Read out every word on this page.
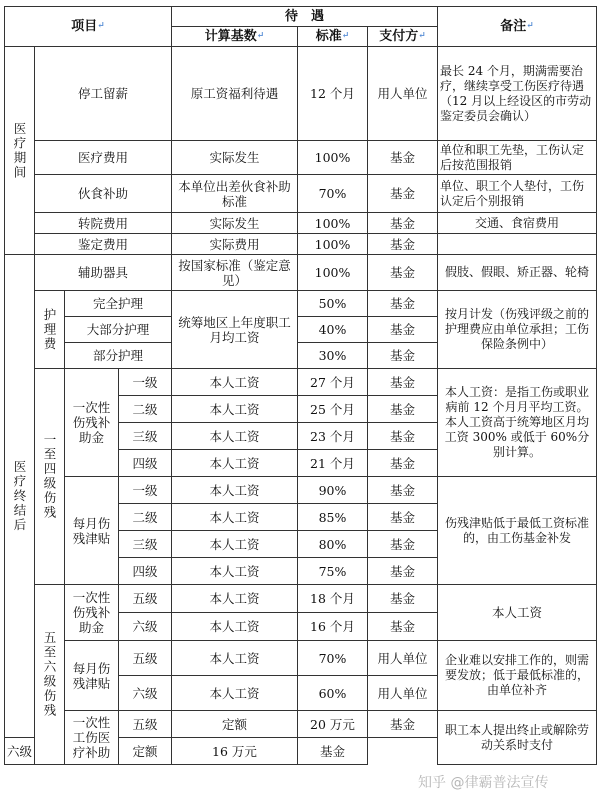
项目↵				待　遇			备注↵
				计算基数↵	标准↵	支付方↵
医疗期间	停工留薪			原工资福利待遇	12 个月	用人单位	最长 24 个月，期满需要治疗，继续享受工伤医疗待遇（12 月以上经设区的市劳动鉴定委员会确认）
	医疗费用			实际发生	100%	基金	单位和职工先垫，工伤认定后按范围报销
	伙食补助			本单位出差伙食补助标准	70%	基金	单位、职工个人垫付，工伤认定后个别报销
	转院费用			实际发生	100%	基金	交通、食宿费用
	鉴定费用			实际费用	100%	基金	
医疗终结后	辅助器具			按国家标准（鉴定意见）	100%	基金	假肢、假眼、矫正器、轮椅
	护理费	完全护理		统筹地区上年度职工月均工资	50%	基金	按月计发（伤残评级之前的护理费应由单位承担；工伤保险条例中）
		大部分护理			40%	基金	
		部分护理			30%	基金	
	一至四级伤残	一次性伤残补助金	一级	本人工资	27 个月	基金	本人工资：是指工伤或职业病前 12 个月月平均工资。本人工资高于统筹地区月均工资 300% 或低于 60%分别计算。
			二级	本人工资	25 个月	基金	
			三级	本人工资	23 个月	基金	
			四级	本人工资	21 个月	基金	
		每月伤残津贴	一级	本人工资	90%	基金	伤残津贴低于最低工资标准的，由工伤基金补发
			二级	本人工资	85%	基金	
			三级	本人工资	80%	基金	
			四级	本人工资	75%	基金	
	五至六级伤残	一次性伤残补助金	五级	本人工资	18 个月	基金	本人工资
			六级	本人工资	16 个月	基金	
		每月伤残津贴	五级	本人工资	70%	用人单位	企业难以安排工作的，则需要发放；低于最低标准的，由单位补齐
			六级	本人工资	60%	用人单位	
		一次性工伤医疗补助	五级	定额	20 万元	基金	职工本人提出终止或解除劳动关系时支付
六级			定额	16 万元	基金		
知乎 @律霸普法宣传
